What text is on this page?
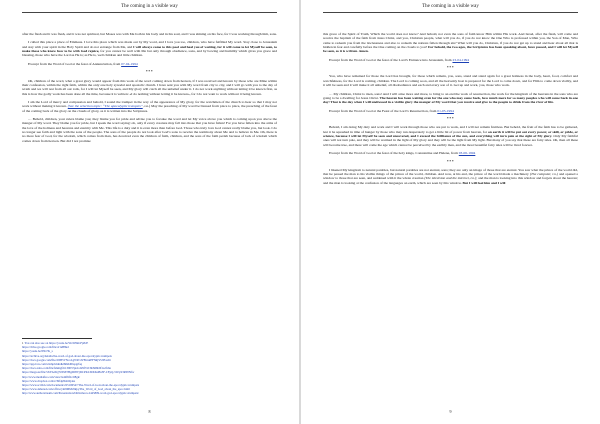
The coming in a visible way

after the flesh and it was flesh, and it was not spiritual, but Moses was with Me both in his body and in his soul, and I was shining on his face, for I was working through him, sons.

I called this place a place of Emmaus. I love this place which was made out by My word, and I love you too, children, who have fulfilled My word. Stay close to Jerusalem and stay with your spirit in the Holy Spirit and do not estrange from Me, and I will always come to this pool and heal you of waiting, for it will come to let Myself be seen, to make those who know how to be with God rejoice, for you cannot be well with Me but only through obedience, sons, and by bowing and humility which gives you grace and blessing, those who have the Lord as He is; as He is, well children and little children.

Excerpt from the Word of God at the feast of Annunciation, from 07-04-1994

***

Oh, children of the word, what a great glory would appear from this work of the word coming down from heaven, if I was received and known by those who are Mine within their confession, within the right faith, within the only one holy synodal and apostolic church. I have sent you with My word from city to city, and I will go with you to the day of wrath and we will rest from all our toils, for I will let Myself be seen, and My glory will catch all the unbelief under it. I do not work anything without letting it be known first, as this is how the godly work has been done all the time, because it is written: «I do nothing without letting it be known», for I do not want to work without it being known.

I am the Lord of mercy and compassion and behold, I sound the trumpet in the way of the appearance of My glory, for the watchmen of the church to hear so that I may not work without making it known. (See the selection topic: “The apocalyptic trumpets”, r.n.) May the preaching of My word be blessed from place to place, the preaching of the feast of the coming back of the glory on the clouds of glory, as it is written into the Scriptures.

… Behold, children, your rulers blame you; they blame you for pride and advise you to forsake the word and let My voice above you which is coming upon you above the manger of My word. They blame you for pride, but I speak the word saying: oh, only if every creature may fall into those that you have fallen! For you have fallen into the arms of the love of the holiness and heavens and eternity with Me. This life is a duty and it is even more than before God. Those who truly love God cannot really blame you, but look. I do no longer see faith and light with the sons of the people. The sons of the people do not look after God’s sons to receive the testimony about Me and to believe in Me. Oh, there is no more fear of God, for the wisdom, which comes from man, has deceived even the children of faith, children, and the sons of the faith perish because of lack of wisdom which comes down from heaven. But did I not promise

1You can also see on https://youtu.be/WzW6kLFp8cE
https://drive.google.com/file/d/1aB8kd
https://youtu.be/0Ns7K_s
https://archive.org/details/the-word-of-god-about-the-apocalyptic-trumpets
https://docs.google.com/file/d/0B5VNcoLgWPcdVEhrutEFSRjVUlE/edit
https://app.box.com/s/tnhpb2uhdkl6i6dd0lapgrfaq
https://docs.zoho.com/file/fshmgf2r13903?pid=d29f7a5:6b8d6b9f1a2fc6e
https://mega.nz/file/5XYAtZQ7#TMTHgdD8VjDCPKLSDbKsBn3F-CFpQ-5WqX3RT0Nfw
http://www.mediafire.com/view/lsd4f6f2c2l8gk/
https://www.dropbox.com/s/39f4p8i4rtbj4as
https://www.scribd.com/document/225106547/The-Word-of-God-about-the-apocalyptic-trumpets
https://www.4shared.com/office/ym9MMv6kjq/The_Word_of_God_about_the_apoc.html
http://www.authorstream.com/Presentation/bibliotheca-2445809-word-god-apocalyptic-trumpets/
8
The coming in a visible way

this grace of the Spirit of Truth, Which the world does not know? And behold, not even the sons of faith know Him within His work. And Israel, after the flesh, will come and receive the baptism of the faith from Jesus Christ, and you, Christian people, what will you do, if you do not know the One Who is professed within you, the Son of Man, Who came to redeem you from the lawlessness and also to redeem the nations fallen through sin? What will you do, Christian, if you do not get up to stand and hear about all that is hidden in fear and carefully before the One coming on the clouds to you? For behold, the two ages, the Scriptures has been speaking about, have passed, and I will let Myself be seen, as it is written. Amen.

Excerpt from the Word of God at the feast of the Lord’s Entrance into Jerusalem, from 23-04-1994

***

You, who have remained for those the Lord has brought, for those which remain, you, sons, stand and stand again for a great holiness in the body, heart, food, comfort and watchfulness, for the Lord is coming, children. The Lord is coming soon, and all the heavenly host is prepared for the Lord to come down, and for Him to come down visibly, and it will be seen and it will make it all unbelief, all disobedience and each and every son of it. Get up and work, you, those who work.

… My children, Christ is risen, sons! And I will arise more and more, to bring to an end the work of resurrection, the work for the kingdom of the heavens in the sons who are going to be a dwelling for Jesus Christ. The heaven has been waiting even for the one who may come back, how much more for so many peoples who will come back in one day! That is the day when I will undressed in a visible glory the manger of My word that you receive and give to the people to drink from the river of life.

Excerpt from the Word of God at the Feast of the Lord’s Resurrection, from 01-05-1994

***

Behold, I am doing My duty and work and I will work through those who are put to work, and I will not remain fruitless. But behold, the fruit of the faith has to be gathered, lest it be squashed in time of hunger by those who may run desperately to get a little bit of power from heaven, for on earth it will be put out every power, or skill, or pride, or science, because I will let Myself be seen and uncovered, and I exceed the brilliance of the sun, and everything will turn pale at the sight of My glory. Only My faithful ones will not turn pale, and they will be warmed in the light of My glory and they will be the light from My light. But many of you say that these are fairy tales. Oh, then all these will become true, and there will come the age which cannot be perceived by the earthly man, and the most beautiful fairy tales will be lived forever.

Excerpt from the Word of God at the feast of the holy kings, Constantine and Helene, from 03-06-1994

***

I likened My kingdom to natural parables, but natural parables are not eternal, sons; they are only an image of those that are eternal. You saw what the prince of the world did, that he passed the man to his visible things of the prince of the world, children. And now, at his end, the prince of the world made a machinery (The computer, r.n.) and opened a window to those that are seen, and saddened with it the whole creation (The television and the internet, r.n.); and the man is looking into this window and forgets about the heaven; and the man is looking at the confusion of the languages on earth, which are seen by this window. But I will fool him and I will

9
